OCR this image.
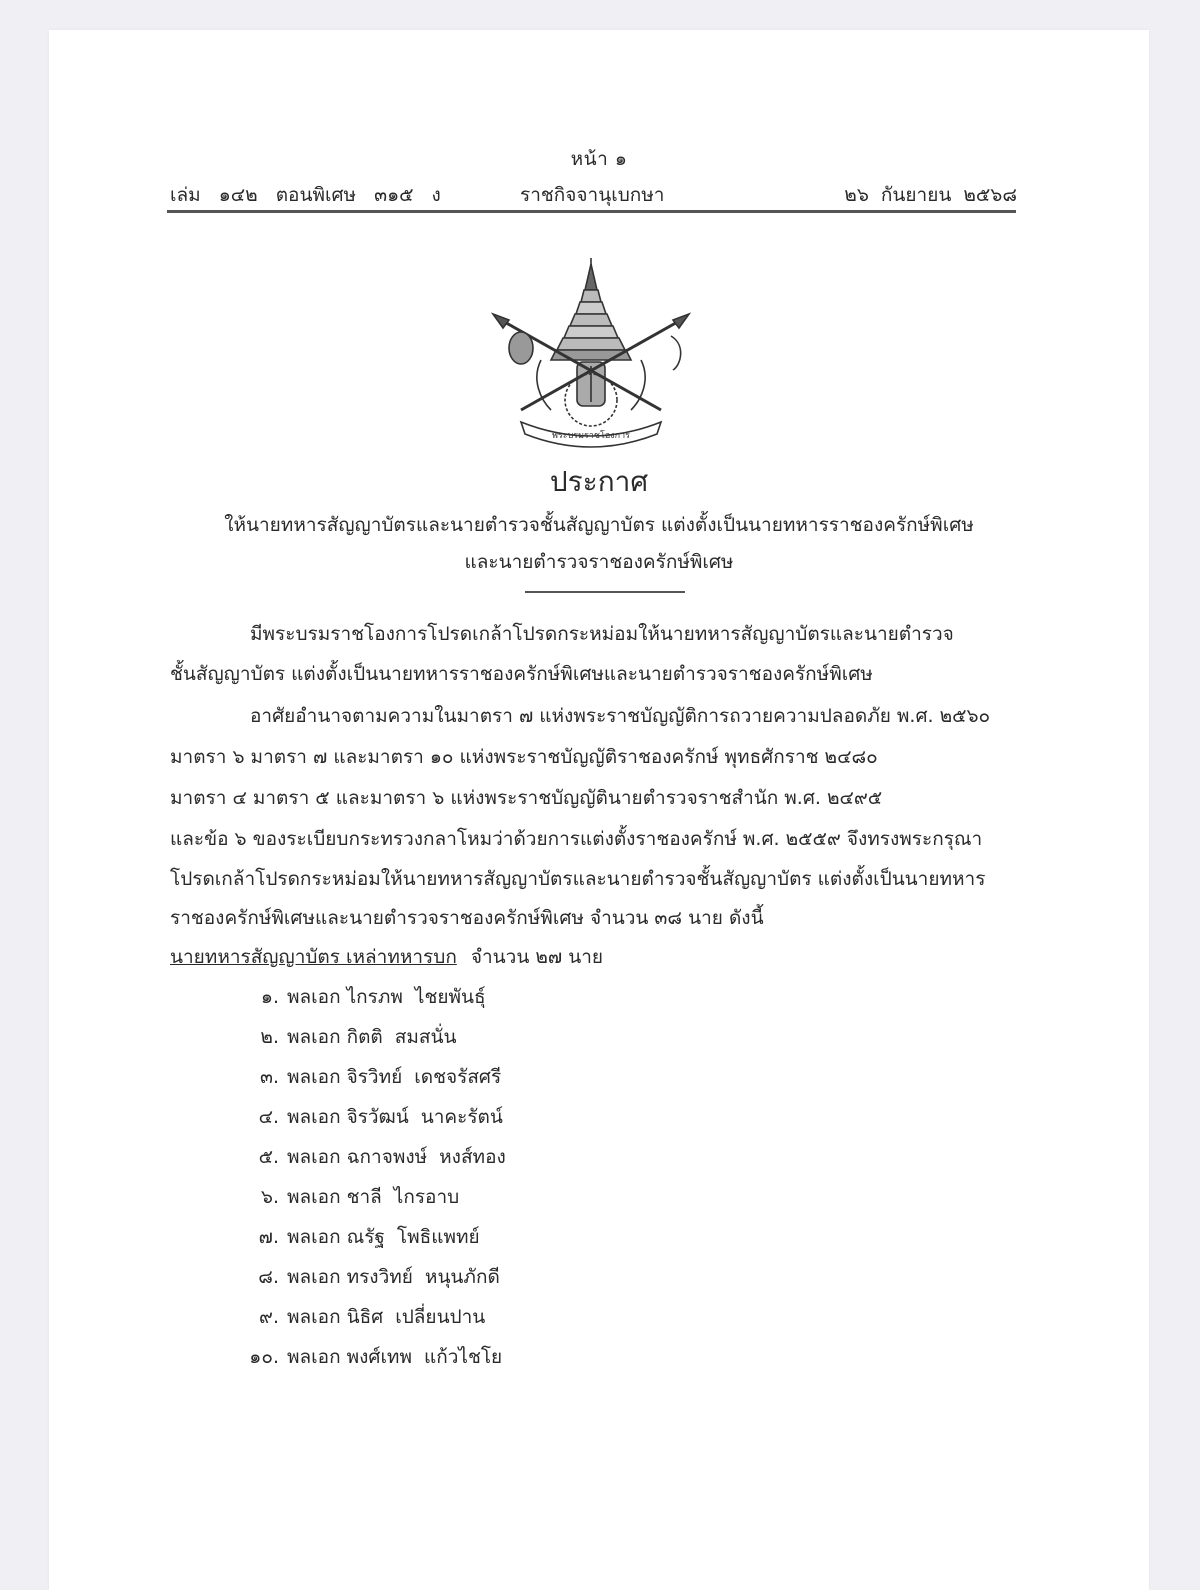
หน้า ๑
เล่ม ๑๔๒ ตอนพิเศษ ๓๑๕ ง	ราชกิจจานุเบกษา	๒๖ กันยายน ๒๕๖๘
พระบรมราชโองการ
ประกาศ
ให้นายทหารสัญญาบัตรและนายตำรวจชั้นสัญญาบัตร แต่งตั้งเป็นนายทหารราชองครักษ์พิเศษ
และนายตำรวจราชองครักษ์พิเศษ
มีพระบรมราชโองการโปรดเกล้าโปรดกระหม่อมให้นายทหารสัญญาบัตรและนายตำรวจ
ชั้นสัญญาบัตร แต่งตั้งเป็นนายทหารราชองครักษ์พิเศษและนายตำรวจราชองครักษ์พิเศษ
อาศัยอำนาจตามความในมาตรา ๗ แห่งพระราชบัญญัติการถวายความปลอดภัย พ.ศ. ๒๕๖๐
มาตรา ๖ มาตรา ๗ และมาตรา ๑๐ แห่งพระราชบัญญัติราชองครักษ์ พุทธศักราช ๒๔๘๐
มาตรา ๔ มาตรา ๕ และมาตรา ๖ แห่งพระราชบัญญัตินายตำรวจราชสำนัก พ.ศ. ๒๔๙๕
และข้อ ๖ ของระเบียบกระทรวงกลาโหมว่าด้วยการแต่งตั้งราชองครักษ์ พ.ศ. ๒๕๕๙ จึงทรงพระกรุณา
โปรดเกล้าโปรดกระหม่อมให้นายทหารสัญญาบัตรและนายตำรวจชั้นสัญญาบัตร แต่งตั้งเป็นนายทหาร
ราชองครักษ์พิเศษและนายตำรวจราชองครักษ์พิเศษ จำนวน ๓๘ นาย ดังนี้
นายทหารสัญญาบัตร เหล่าทหารบก จำนวน ๒๗ นาย
๑. พลเอก ไกรภพ ไชยพันธุ์
๒. พลเอก กิตติ สมสนั่น
๓. พลเอก จิรวิทย์ เดชจรัสศรี
๔. พลเอก จิรวัฒน์ นาคะรัตน์
๕. พลเอก ฉกาจพงษ์ หงส์ทอง
๖. พลเอก ชาลี ไกรอาบ
๗. พลเอก ณรัฐ โพธิแพทย์
๘. พลเอก ทรงวิทย์ หนุนภักดี
๙. พลเอก นิธิศ เปลี่ยนปาน
๑๐. พลเอก พงศ์เทพ แก้วไชโย
